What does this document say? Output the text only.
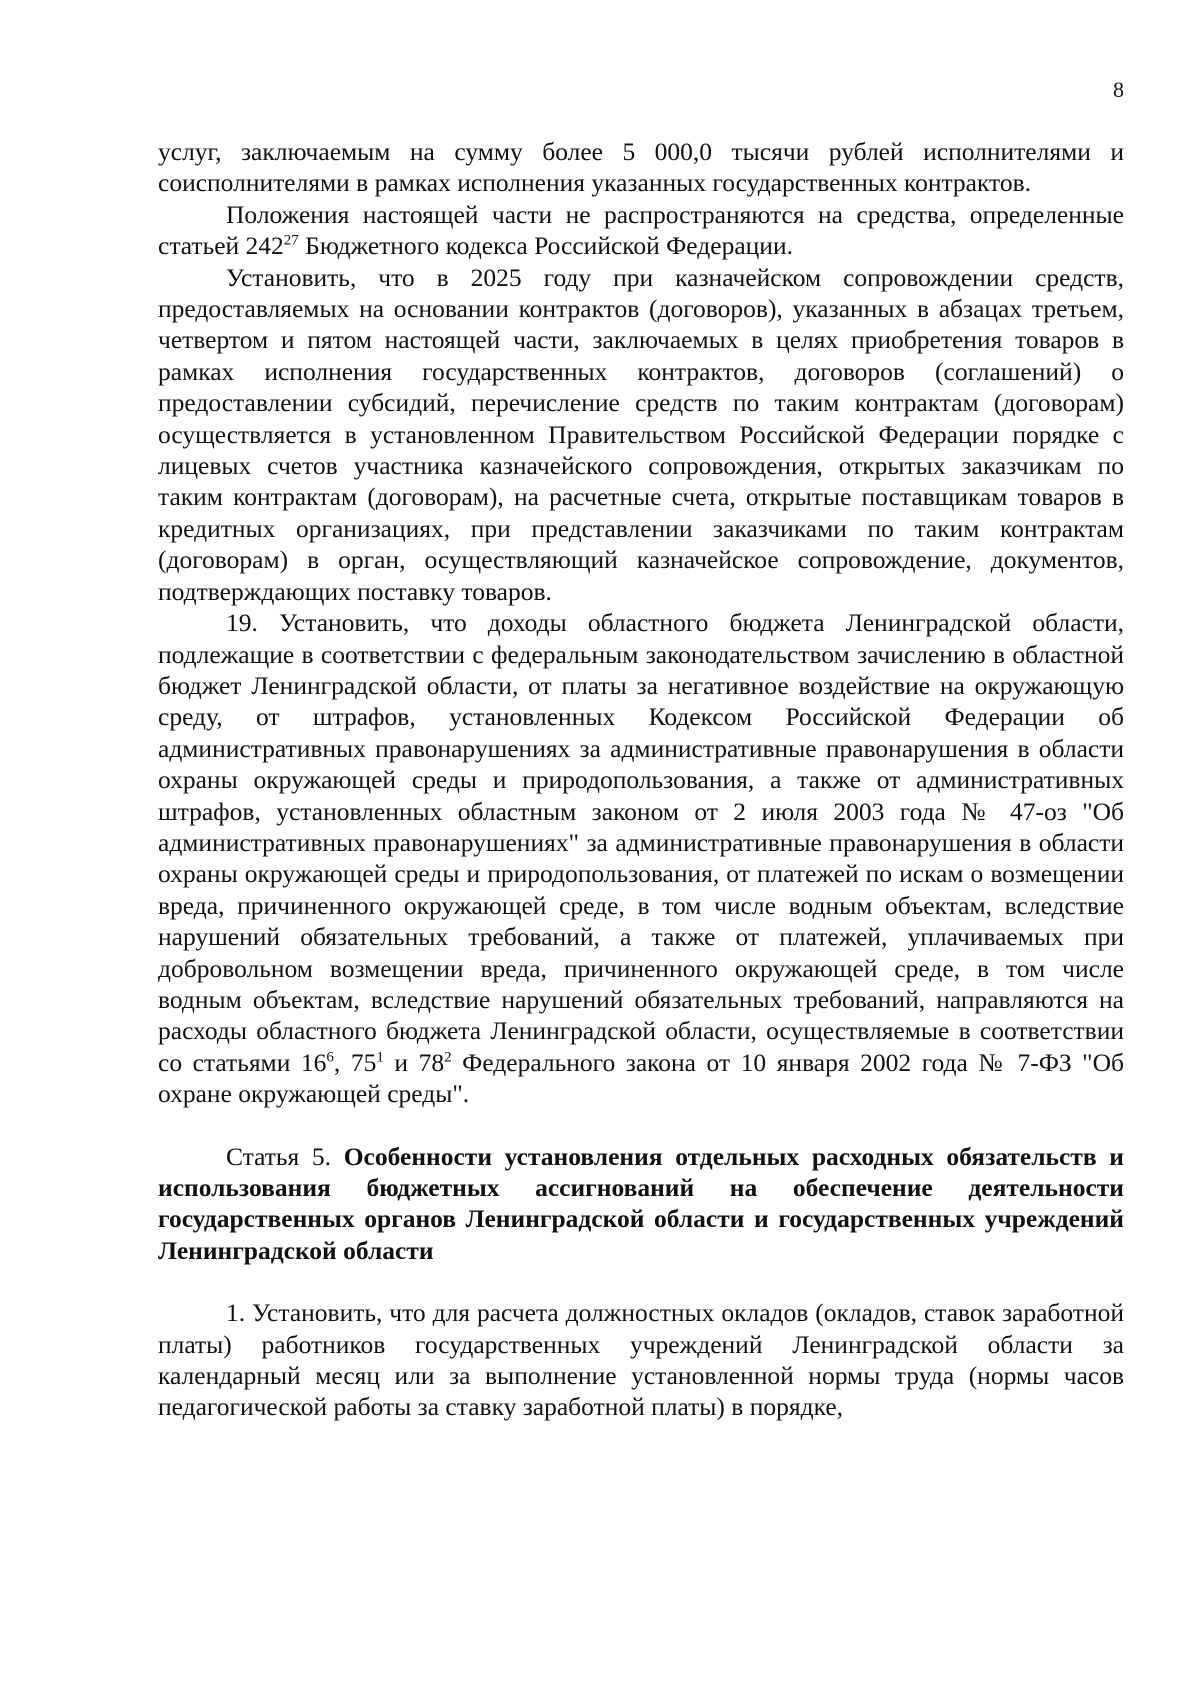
8

услуг, заключаемым на сумму более 5 000,0 тысячи рублей исполнителями и соисполнителями в рамках исполнения указанных государственных контрактов.

Положения настоящей части не распространяются на средства, определенные статьей $242^{27}$ Бюджетного кодекса Российской Федерации.

Установить, что в 2025 году при казначейском сопровождении средств, предоставляемых на основании контрактов (договоров), указанных в абзацах третьем, четвертом и пятом настоящей части, заключаемых в целях приобретения товаров в рамках исполнения государственных контрактов, договоров (соглашений) о предоставлении субсидий, перечисление средств по таким контрактам (договорам) осуществляется в установленном Правительством Российской Федерации порядке с лицевых счетов участника казначейского сопровождения, открытых заказчикам по таким контрактам (договорам), на расчетные счета, открытые поставщикам товаров в кредитных организациях, при представлении заказчиками по таким контрактам (договорам) в орган, осуществляющий казначейское сопровождение, документов, подтверждающих поставку товаров.

19. Установить, что доходы областного бюджета Ленинградской области, подлежащие в соответствии с федеральным законодательством зачислению в областной бюджет Ленинградской области, от платы за негативное воздействие на окружающую среду, от штрафов, установленных Кодексом Российской Федерации об административных правонарушениях за административные правонарушения в области охраны окружающей среды и природопользования, а также от административных штрафов, установленных областным законом от 2 июля 2003 года № 47-оз "Об административных правонарушениях" за административные правонарушения в области охраны окружающей среды и природопользования, от платежей по искам о возмещении вреда, причиненного окружающей среде, в том числе водным объектам, вследствие нарушений обязательных требований, а также от платежей, уплачиваемых при добровольном возмещении вреда, причиненного окружающей среде, в том числе водным объектам, вследствие нарушений обязательных требований, направляются на расходы областного бюджета Ленинградской области, осуществляемые в соответствии со статьями $16^6$, $75^1$ и $78^2$ Федерального закона от 10 января 2002 года № 7-ФЗ "Об охране окружающей среды".

Статья 5. Особенности установления отдельных расходных обязательств и использования бюджетных ассигнований на обеспечение деятельности государственных органов Ленинградской области и государственных учреждений Ленинградской области

1. Установить, что для расчета должностных окладов (окладов, ставок заработной платы) работников государственных учреждений Ленинградской области за календарный месяц или за выполнение установленной нормы труда (нормы часов педагогической работы за ставку заработной платы) в порядке,
